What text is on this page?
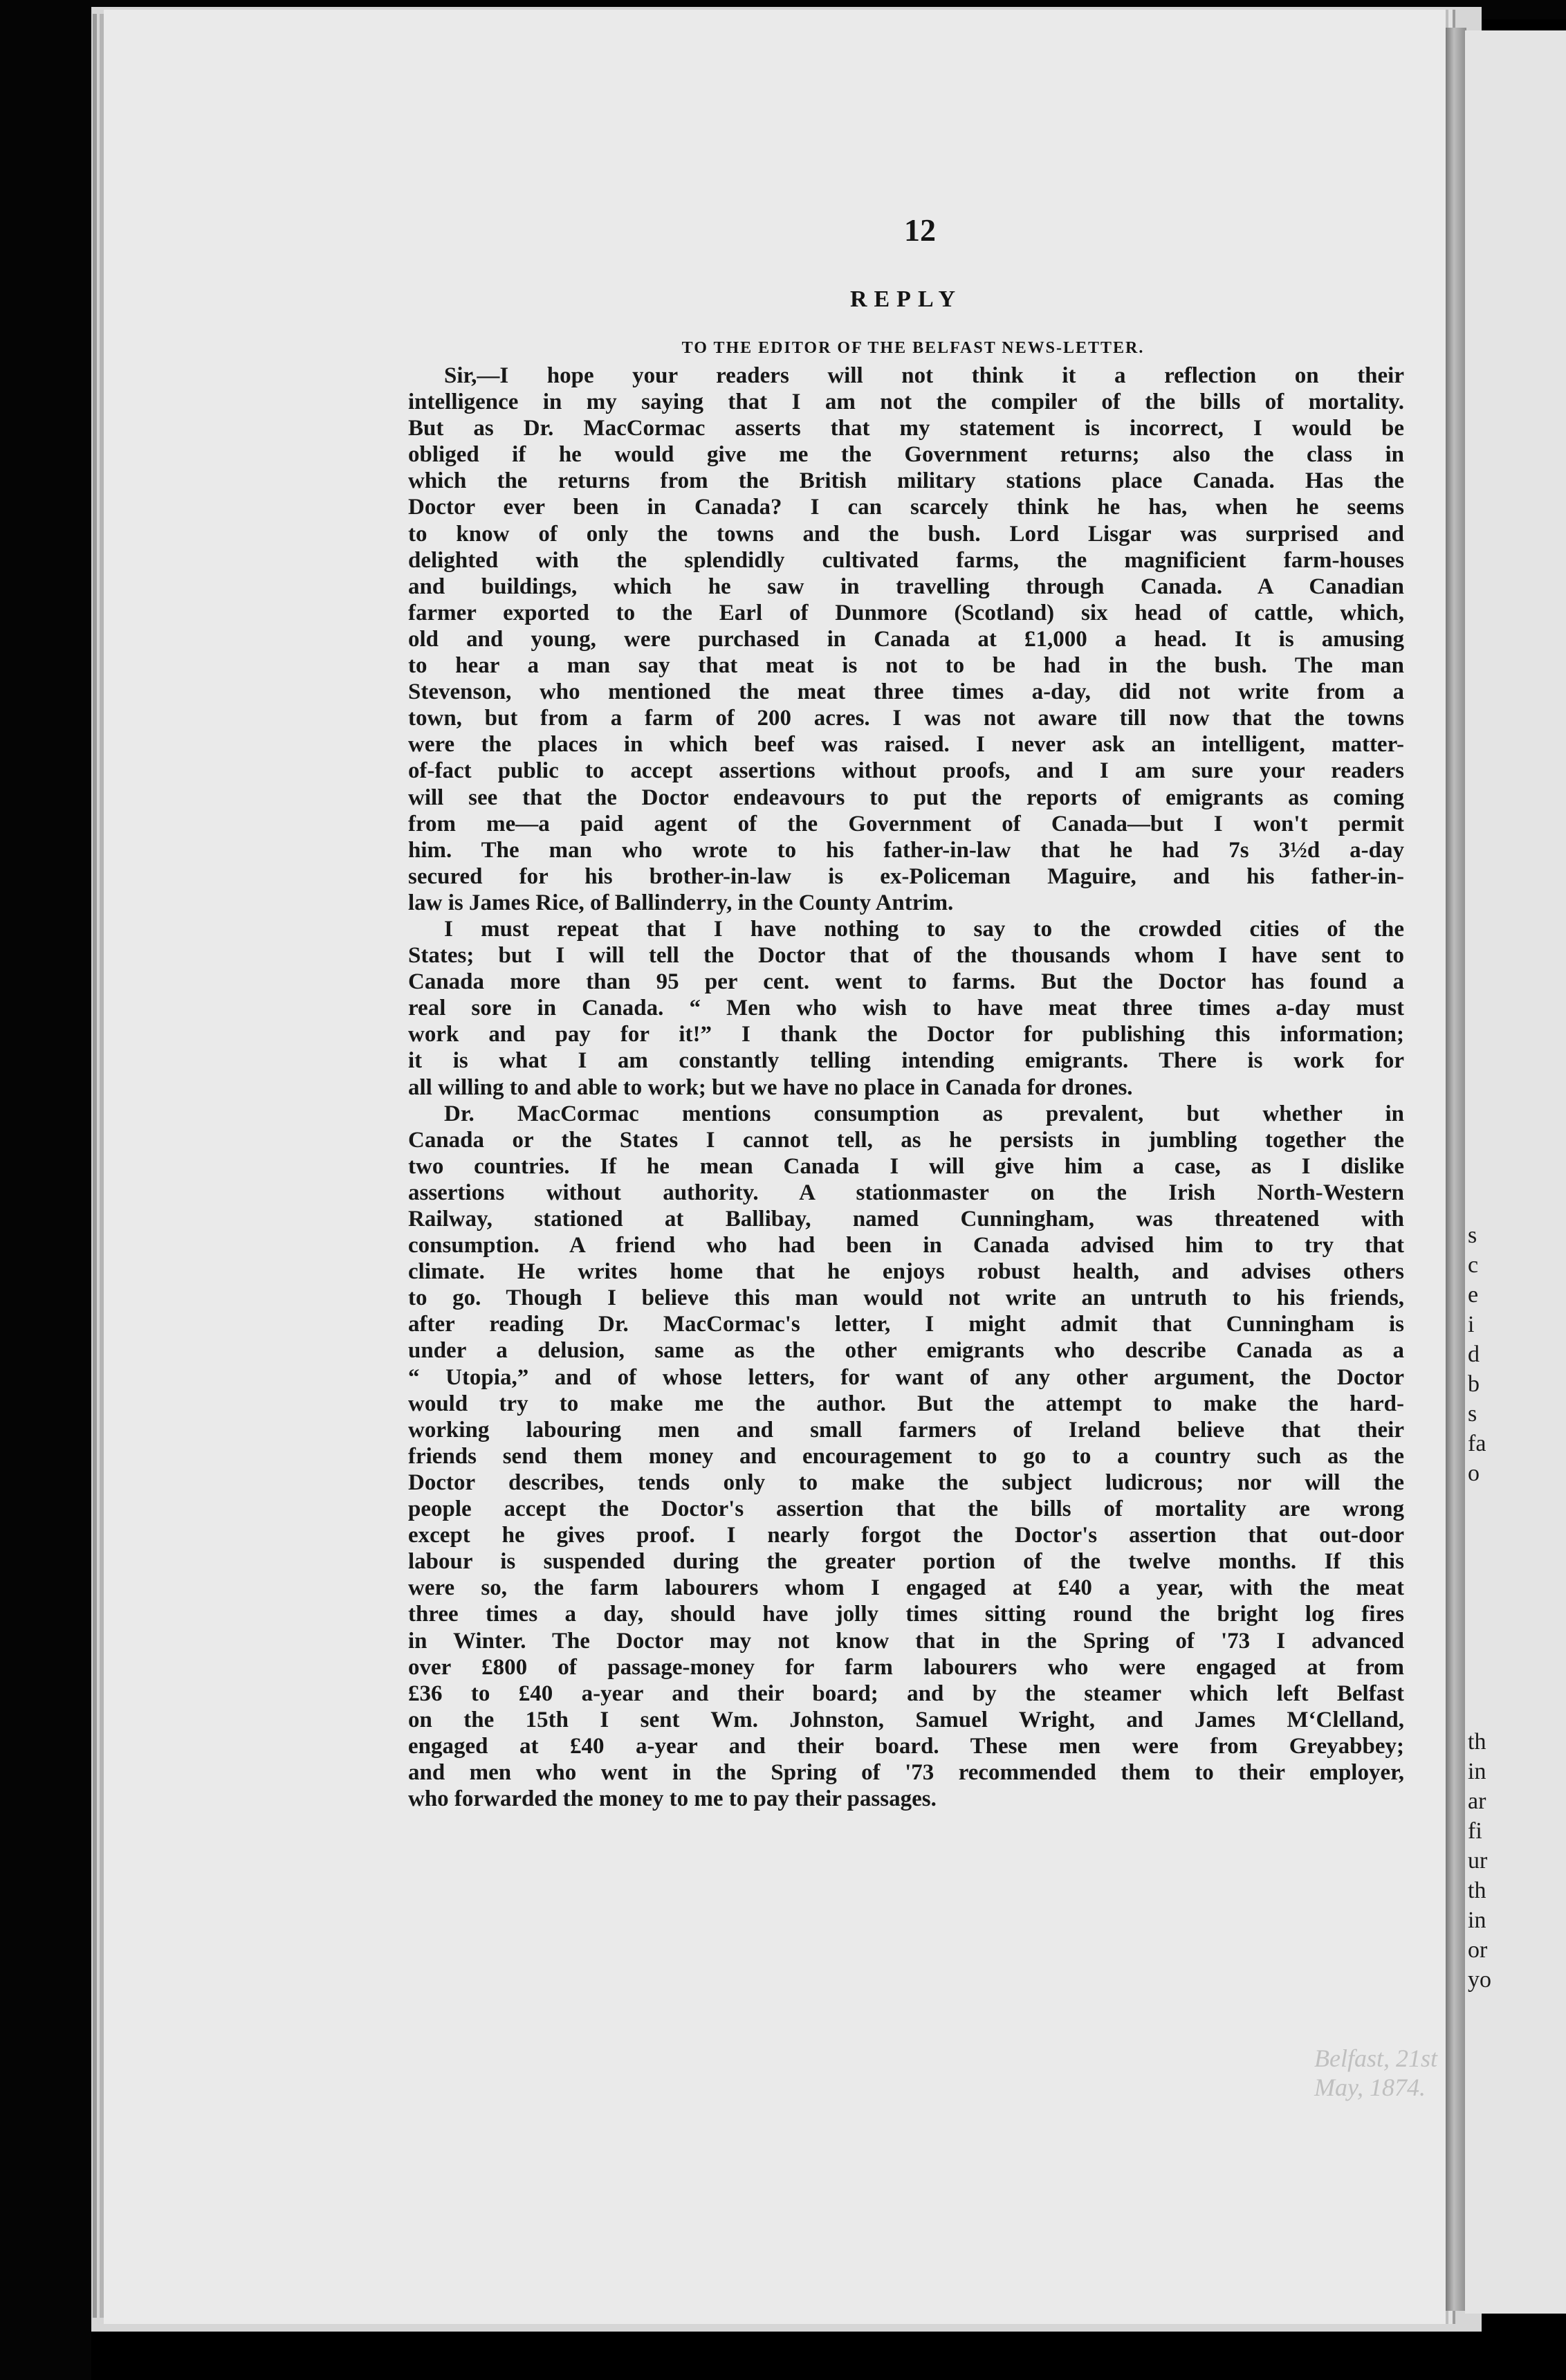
12

Belfast, 21st May, 1874.
REPLY
TO THE EDITOR OF THE BELFAST NEWS-LETTER.
Sir,—I hope your readers will not think it a reflection on their
intelligence in my saying that I am not the compiler of the bills of mortality.
But as Dr. MacCormac asserts that my statement is incorrect, I would be
obliged if he would give me the Government returns; also the class in
which the returns from the British military stations place Canada. Has the
Doctor ever been in Canada? I can scarcely think he has, when he seems
to know of only the towns and the bush. Lord Lisgar was surprised and
delighted with the splendidly cultivated farms, the magnificient farm-houses
and buildings, which he saw in travelling through Canada. A Canadian
farmer exported to the Earl of Dunmore (Scotland) six head of cattle, which,
old and young, were purchased in Canada at £1,000 a head. It is amusing
to hear a man say that meat is not to be had in the bush. The man
Stevenson, who mentioned the meat three times a-day, did not write from a
town, but from a farm of 200 acres. I was not aware till now that the towns
were the places in which beef was raised. I never ask an intelligent, matter-
of-fact public to accept assertions without proofs, and I am sure your readers
will see that the Doctor endeavours to put the reports of emigrants as coming
from me—a paid agent of the Government of Canada—but I won't permit
him. The man who wrote to his father-in-law that he had 7s 3½d a-day
secured for his brother-in-law is ex-Policeman Maguire, and his father-in-
law is James Rice, of Ballinderry, in the County Antrim.
I must repeat that I have nothing to say to the crowded cities of the
States; but I will tell the Doctor that of the thousands whom I have sent to
Canada more than 95 per cent. went to farms. But the Doctor has found a
real sore in Canada. “ Men who wish to have meat three times a-day must
work and pay for it!” I thank the Doctor for publishing this information;
it is what I am constantly telling intending emigrants. There is work for
all willing to and able to work; but we have no place in Canada for drones.
Dr. MacCormac mentions consumption as prevalent, but whether in
Canada or the States I cannot tell, as he persists in jumbling together the
two countries. If he mean Canada I will give him a case, as I dislike
assertions without authority. A stationmaster on the Irish North-Western
Railway, stationed at Ballibay, named Cunningham, was threatened with
consumption. A friend who had been in Canada advised him to try that
climate. He writes home that he enjoys robust health, and advises others
to go. Though I believe this man would not write an untruth to his friends,
after reading Dr. MacCormac's letter, I might admit that Cunningham is
under a delusion, same as the other emigrants who describe Canada as a
“ Utopia,” and of whose letters, for want of any other argument, the Doctor
would try to make me the author. But the attempt to make the hard-
working labouring men and small farmers of Ireland believe that their
friends send them money and encouragement to go to a country such as the
Doctor describes, tends only to make the subject ludicrous; nor will the
people accept the Doctor's assertion that the bills of mortality are wrong
except he gives proof. I nearly forgot the Doctor's assertion that out-door
labour is suspended during the greater portion of the twelve months. If this
were so, the farm labourers whom I engaged at £40 a year, with the meat
three times a day, should have jolly times sitting round the bright log fires
in Winter. The Doctor may not know that in the Spring of '73 I advanced
over £800 of passage-money for farm labourers who were engaged at from
£36 to £40 a-year and their board; and by the steamer which left Belfast
on the 15th I sent Wm. Johnston, Samuel Wright, and James M‘Clelland,
engaged at £40 a-year and their board. These men were from Greyabbey;
and men who went in the Spring of '73 recommended them to their employer,
who forwarded the money to me to pay their passages.
s
c
e
i
d
b
s
fa
o
th
in
ar
fi
ur
th
in
or
yo
